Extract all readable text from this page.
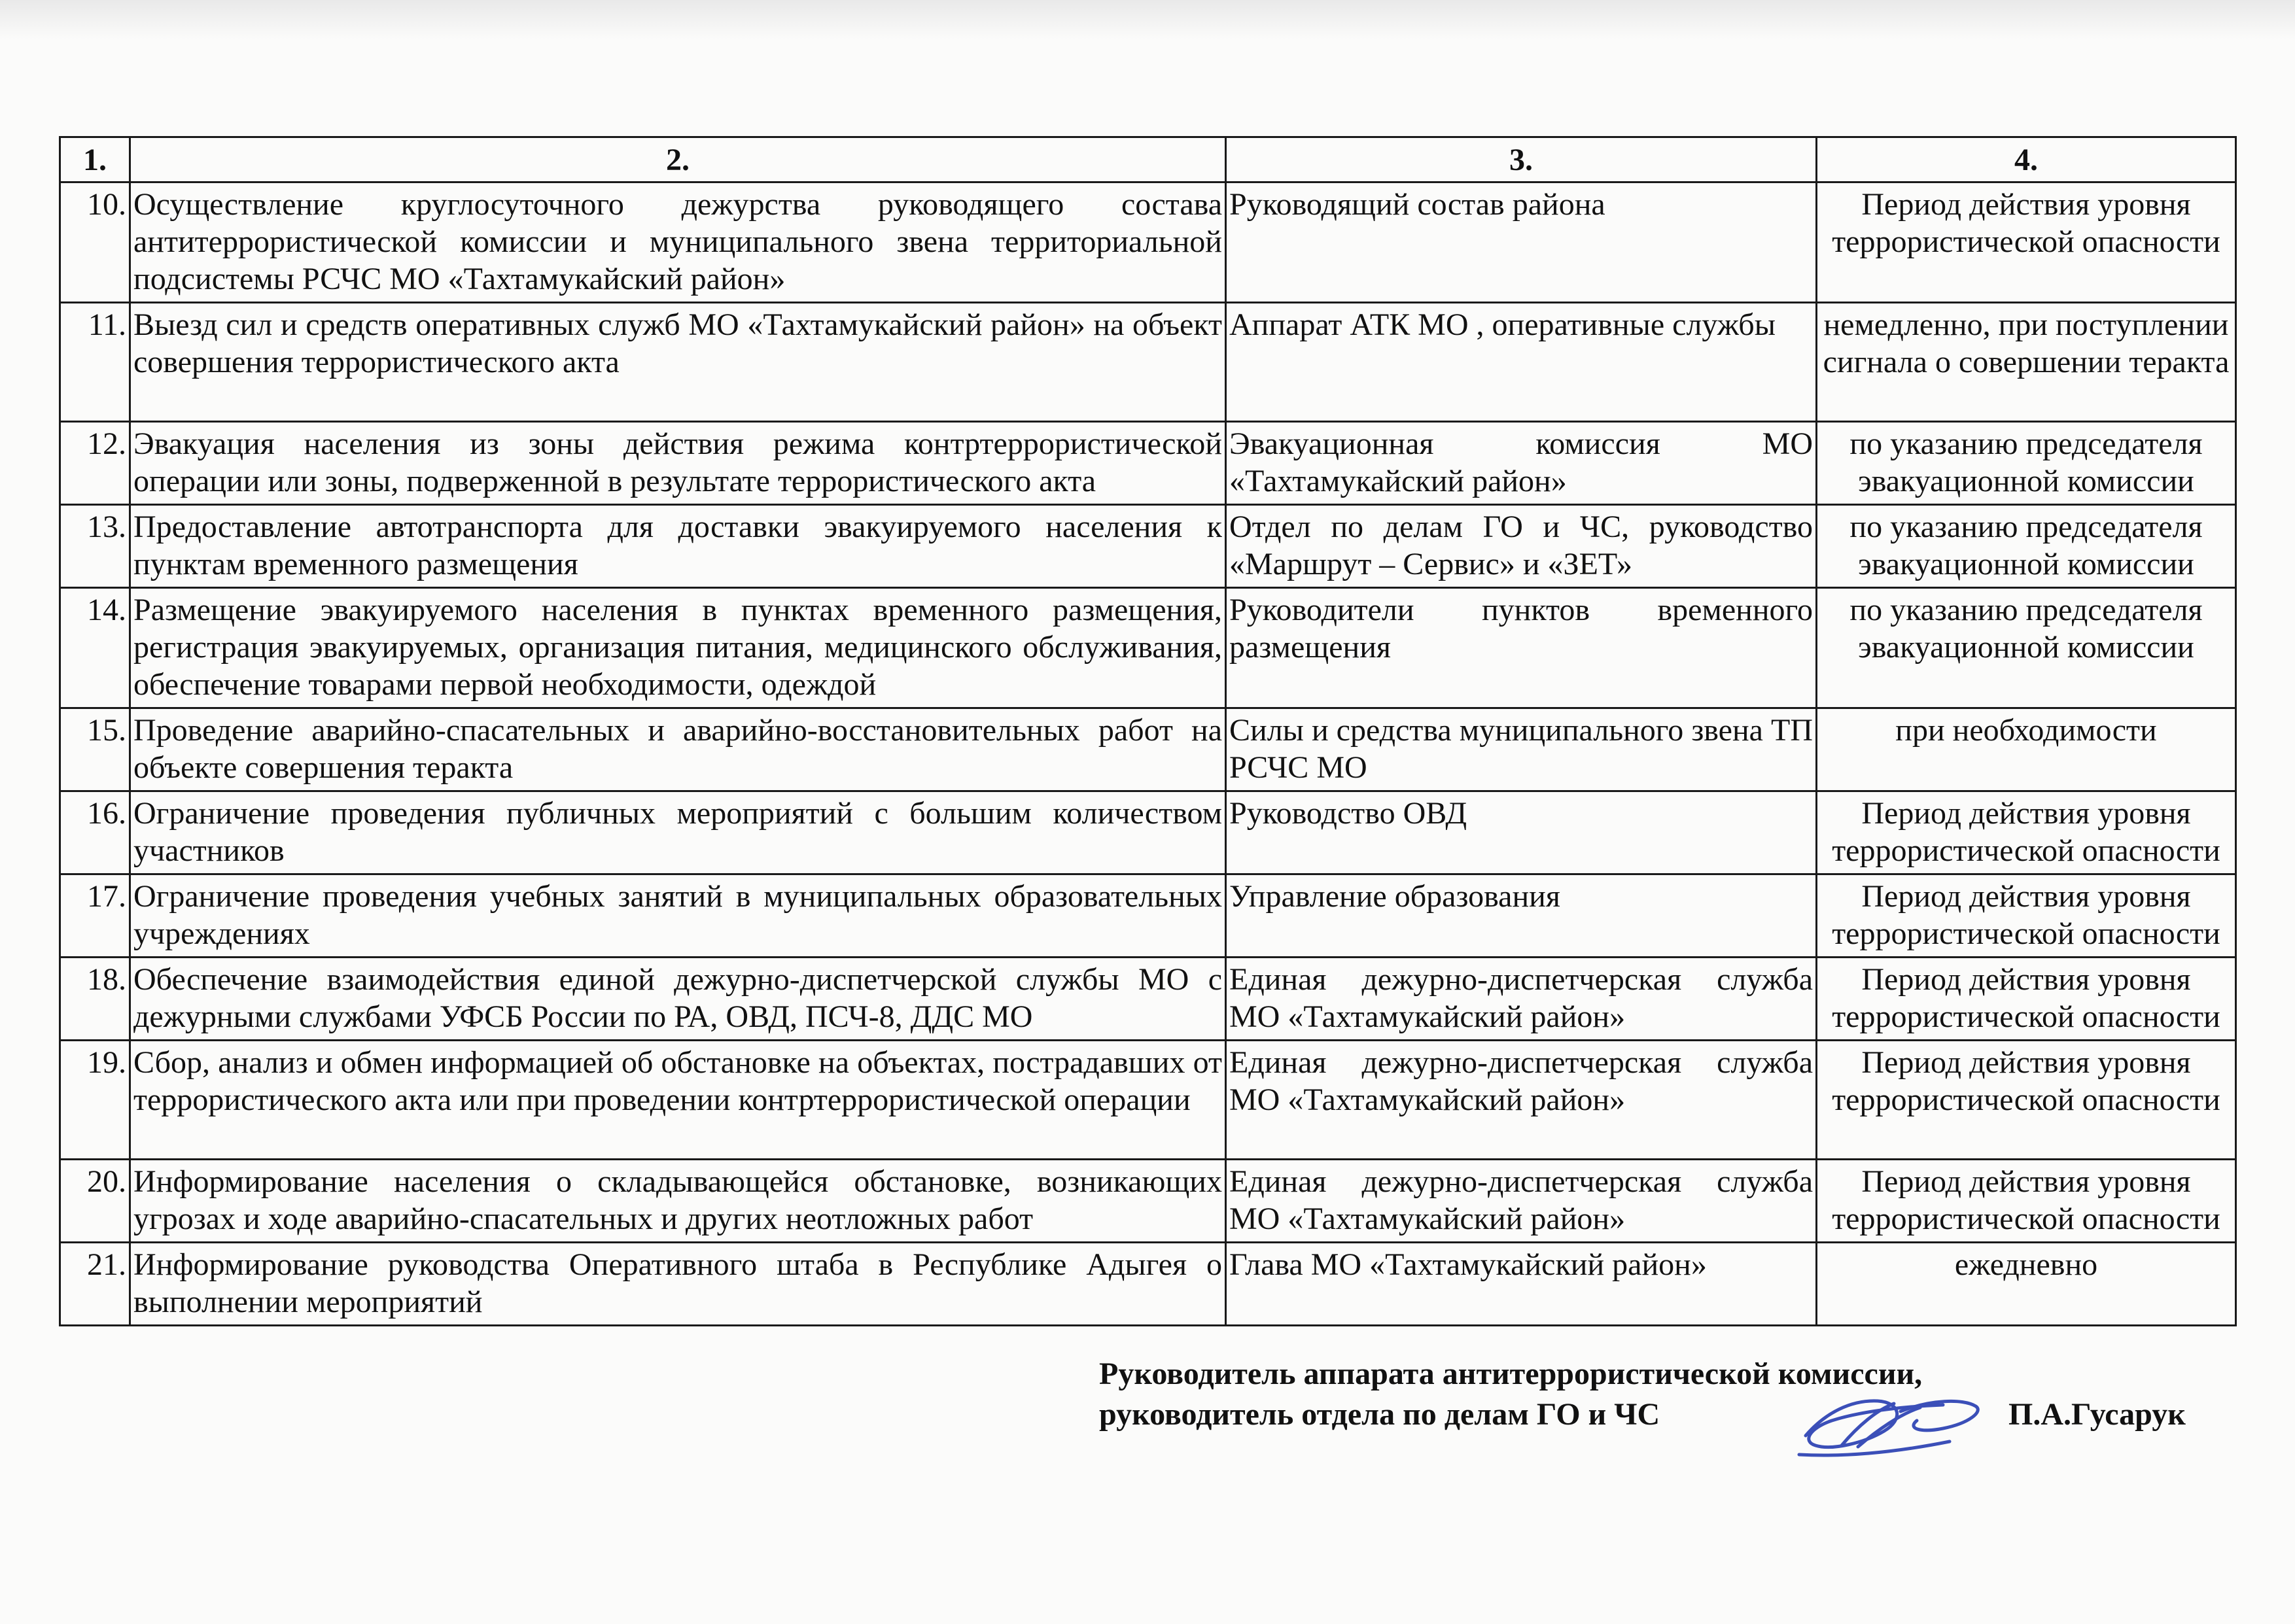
1.	2.	3.	4.
10.	Осуществление круглосуточного дежурства руководящего состава антитеррористической комиссии и муниципального звена территориальной подсистемы РСЧС МО «Тахтамукайский район»	Руководящий состав района	Период действия уровня террористической опасности
11.	Выезд сил и средств оперативных служб МО «Тахтамукайский район» на объект совершения террористического акта	Аппарат АТК МО , оперативные службы	немедленно, при поступлении сигнала о совершении теракта
12.	Эвакуация населения из зоны действия режима контртеррористической операции или зоны, подверженной в результате террористического акта	Эвакуационная комиссия МО «Тахтамукайский район»	по указанию председателя эвакуационной комиссии
13.	Предоставление автотранспорта для доставки эвакуируемого населения к пунктам временного размещения	Отдел по делам ГО и ЧС, руководство «Маршрут – Сервис» и «ЗЕТ»	по указанию председателя эвакуационной комиссии
14.	Размещение эвакуируемого населения в пунктах временного размещения, регистрация эвакуируемых, организация питания, медицинского обслуживания, обеспечение товарами первой необходимости, одеждой	Руководители пунктов временного размещения	по указанию председателя эвакуационной комиссии
15.	Проведение аварийно-спасательных и аварийно-восстановительных работ на объекте совершения теракта	Силы и средства муниципального звена ТП РСЧС МО	при необходимости
16.	Ограничение проведения публичных мероприятий с большим количеством участников	Руководство ОВД	Период действия уровня террористической опасности
17.	Ограничение проведения учебных занятий в муниципальных образовательных учреждениях	Управление образования	Период действия уровня террористической опасности
18.	Обеспечение взаимодействия единой дежурно-диспетчерской службы МО с дежурными службами УФСБ России по РА, ОВД, ПСЧ-8, ДДС МО	Единая дежурно-диспетчерская служба МО «Тахтамукайский район»	Период действия уровня террористической опасности
19.	Сбор, анализ и обмен информацией об обстановке на объектах, пострадавших от террористического акта или при проведении контртеррористической операции	Единая дежурно-диспетчерская служба МО «Тахтамукайский район»	Период действия уровня террористической опасности
20.	Информирование населения о складывающейся обстановке, возникающих угрозах и ходе аварийно-спасательных и других неотложных работ	Единая дежурно-диспетчерская служба МО «Тахтамукайский район»	Период действия уровня террористической опасности
21.	Информирование руководства Оперативного штаба в Республике Адыгея о выполнении мероприятий	Глава МО «Тахтамукайский район»	ежедневно
Руководитель аппарата антитеррористической комиссии,
руководитель отдела по делам ГО и ЧС	П.А.Гусарук
